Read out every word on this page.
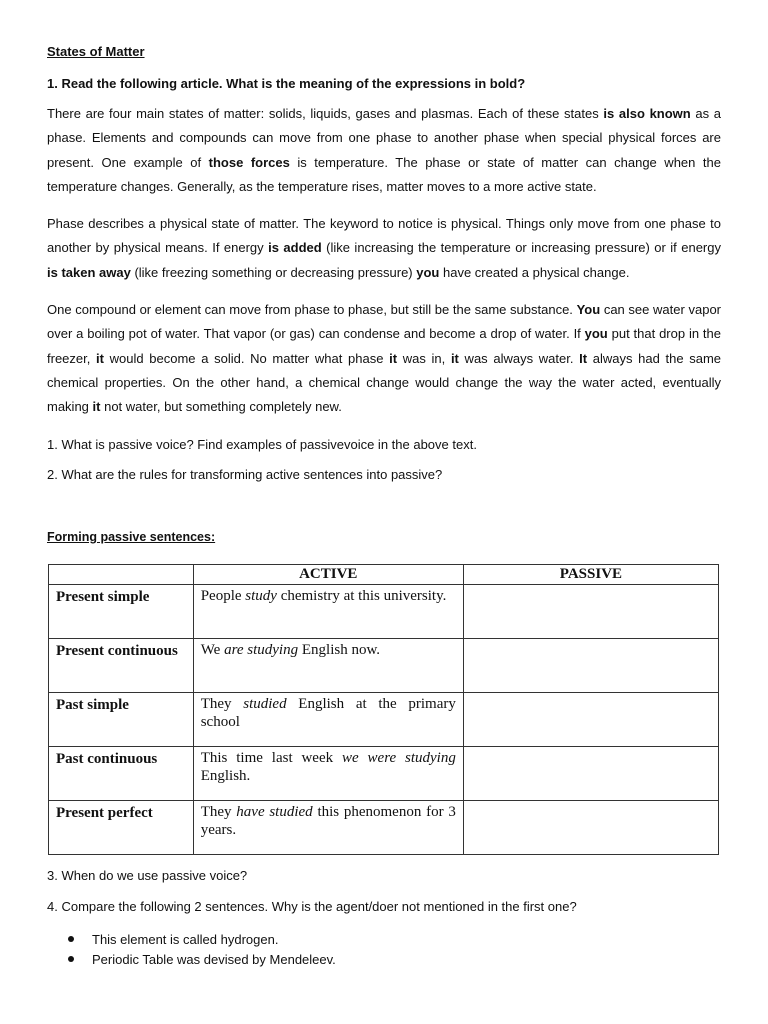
States of Matter
1. Read the following article. What is the meaning of the expressions in bold?
There are four main states of matter: solids, liquids, gases and plasmas. Each of these states is also known as a phase. Elements and compounds can move from one phase to another phase when special physical forces are present. One example of those forces is temperature. The phase or state of matter can change when the temperature changes. Generally, as the temperature rises, matter moves to a more active state.
Phase describes a physical state of matter. The keyword to notice is physical. Things only move from one phase to another by physical means. If energy is added (like increasing the temperature or increasing pressure) or if energy is taken away (like freezing something or decreasing pressure) you have created a physical change.
One compound or element can move from phase to phase, but still be the same substance. You can see water vapor over a boiling pot of water. That vapor (or gas) can condense and become a drop of water. If you put that drop in the freezer, it would become a solid. No matter what phase it was in, it was always water. It always had the same chemical properties. On the other hand, a chemical change would change the way the water acted, eventually making it not water, but something completely new.
1. What is passive voice? Find examples of passivevoice in the above text.
2. What are the rules for transforming active sentences into passive?
Forming passive sentences:
	ACTIVE	PASSIVE
Present simple	People study chemistry at this university.	
Present continuous	We are studying English now.	
Past simple	They studied English at the primary school	
Past continuous	This time last week we were studying English.	
Present perfect	They have studied this phenomenon for 3 years.	
3. When do we use passive voice?
4. Compare the following 2 sentences. Why is the agent/doer not mentioned in the first one?
This element is called hydrogen.
Periodic Table was devised by Mendeleev.
